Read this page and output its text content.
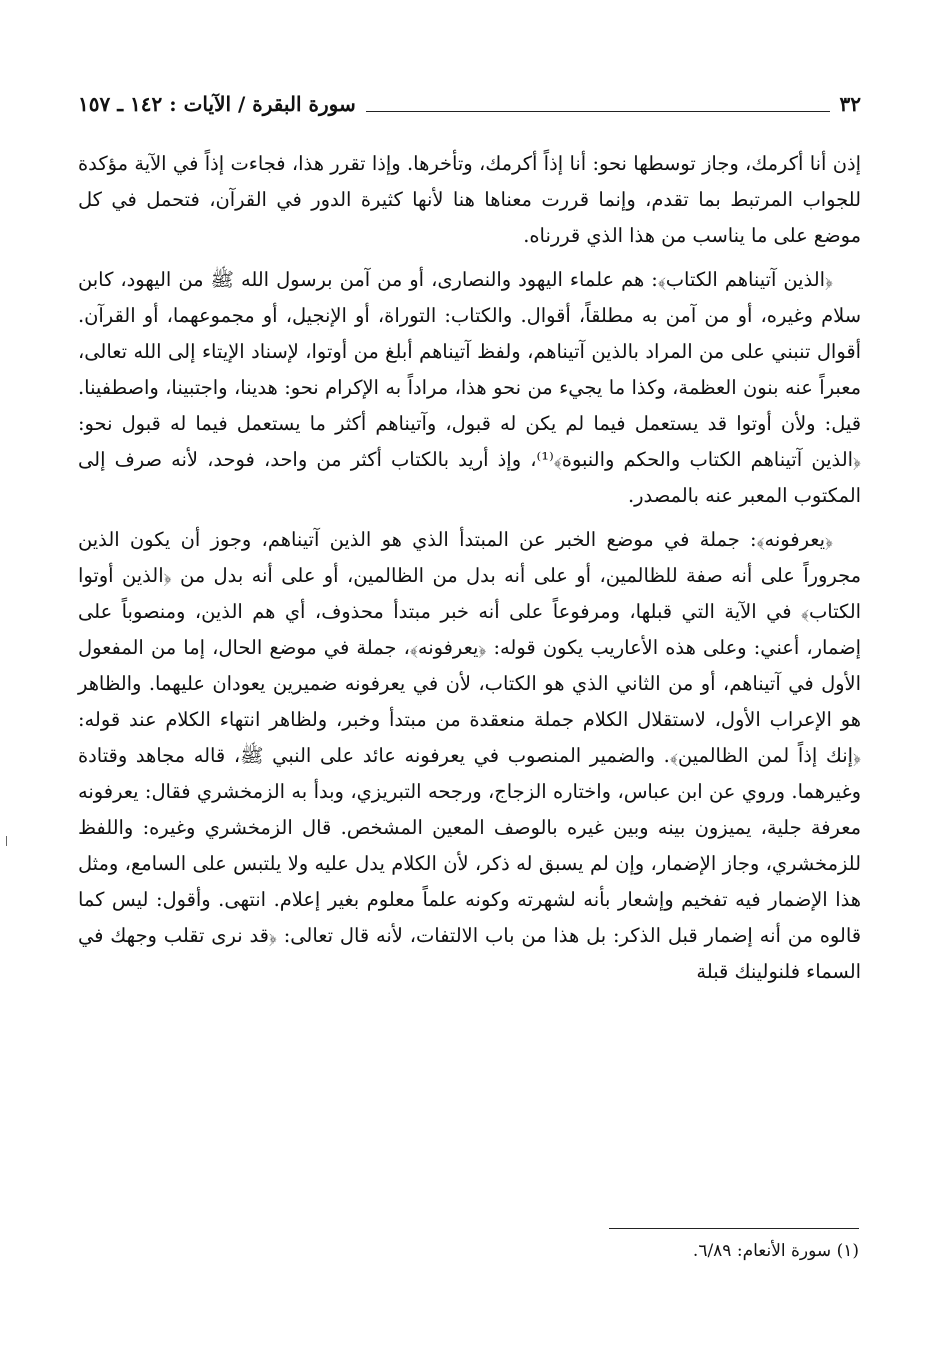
٣٢
سورة البقرة / الآيات : ١٤٢ ـ ١٥٧

إذن أنا أكرمك، وجاز توسطها نحو: أنا إذاً أكرمك، وتأخرها. وإذا تقرر هذا، فجاءت إذاً في الآية مؤكدة للجواب المرتبط بما تقدم، وإنما قررت معناها هنا لأنها كثيرة الدور في القرآن، فتحمل في كل موضع على ما يناسب من هذا الذي قررناه.

﴿الذين آتيناهم الكتاب﴾: هم علماء اليهود والنصارى، أو من آمن برسول الله ﷺ من اليهود، كابن سلام وغيره، أو من آمن به مطلقاً، أقوال. والكتاب: التوراة، أو الإنجيل، أو مجموعهما، أو القرآن. أقوال تنبني على من المراد بالذين آتيناهم، ولفظ آتيناهم أبلغ من أوتوا، لإسناد الإيتاء إلى الله تعالى، معبراً عنه بنون العظمة، وكذا ما يجيء من نحو هذا، مراداً به الإكرام نحو: هدينا، واجتبينا، واصطفينا. قيل: ولأن أوتوا قد يستعمل فيما لم يكن له قبول، وآتيناهم أكثر ما يستعمل فيما له قبول نحو: ﴿الذين آتيناهم الكتاب والحكم والنبوة﴾⁽¹⁾، وإذ أريد بالكتاب أكثر من واحد، فوحد، لأنه صرف إلى المكتوب المعبر عنه بالمصدر.

﴿يعرفونه﴾: جملة في موضع الخبر عن المبتدأ الذي هو الذين آتيناهم، وجوز أن يكون الذين مجروراً على أنه صفة للظالمين، أو على أنه بدل من الظالمين، أو على أنه بدل من ﴿الذين أوتوا الكتاب﴾ في الآية التي قبلها، ومرفوعاً على أنه خبر مبتدأ محذوف، أي هم الذين، ومنصوباً على إضمار، أعني: وعلى هذه الأعاريب يكون قوله: ﴿يعرفونه﴾، جملة في موضع الحال، إما من المفعول الأول في آتيناهم، أو من الثاني الذي هو الكتاب، لأن في يعرفونه ضميرين يعودان عليهما. والظاهر هو الإعراب الأول، لاستقلال الكلام جملة منعقدة من مبتدأ وخبر، ولظاهر انتهاء الكلام عند قوله: ﴿إنك إذاً لمن الظالمين﴾. والضمير المنصوب في يعرفونه عائد على النبي ﷺ، قاله مجاهد وقتادة وغيرهما. وروي عن ابن عباس، واختاره الزجاج، ورجحه التبريزي، وبدأ به الزمخشري فقال: يعرفونه معرفة جلية، يميزون بينه وبين غيره بالوصف المعين المشخص. قال الزمخشري وغيره: واللفظ للزمخشري، وجاز الإضمار، وإن لم يسبق له ذكر، لأن الكلام يدل عليه ولا يلتبس على السامع، ومثل هذا الإضمار فيه تفخيم وإشعار بأنه لشهرته وكونه علماً معلوم بغير إعلام. انتهى. وأقول: ليس كما قالوه من أنه إضمار قبل الذكر: بل هذا من باب الالتفات، لأنه قال تعالى: ﴿قد نرى تقلب وجهك في السماء فلنولينك قبلة

(١) سورة الأنعام: ٦/٨٩.
